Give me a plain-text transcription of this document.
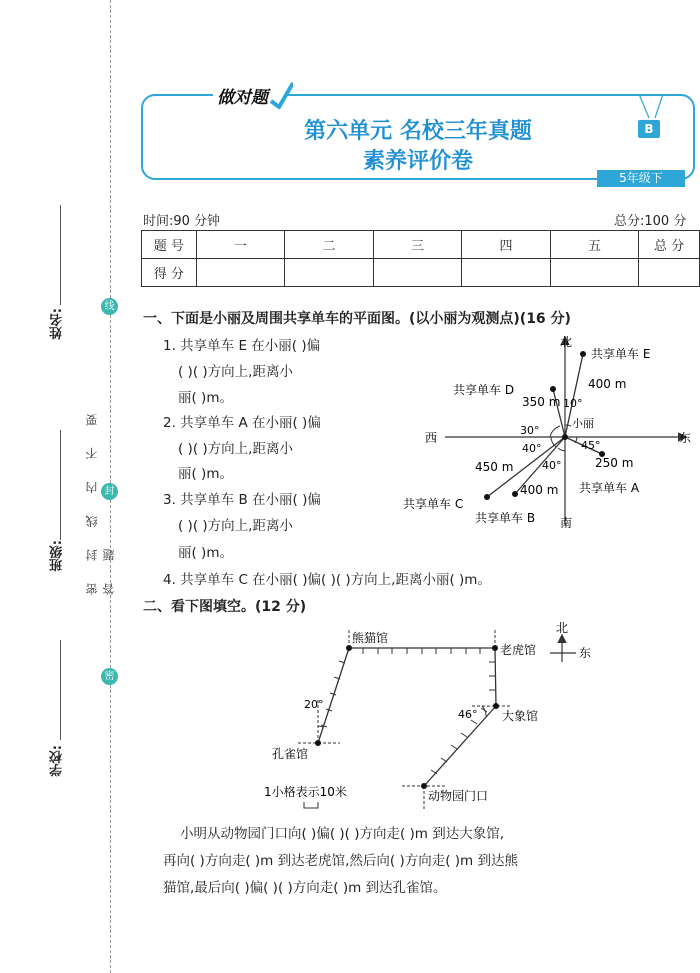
姓名:
班级:
学校:
密 封 线 内 不 要 答 题
线
封
密
第六单元 名校三年真题
素养评价卷
B
做对题
5年级下
时间:90 分钟	总分:100 分
题 号	一	二	三	四	五	总 分
得 分						
一、下面是小丽及周围共享单车的平面图。(以小丽为观测点)(16 分)
1. 共享单车 E 在小丽( )偏
( )( )方向上,距离小
丽( )m。
2. 共享单车 A 在小丽( )偏
( )( )方向上,距离小
丽( )m。
3. 共享单车 B 在小丽( )偏
( )( )方向上,距离小
丽( )m。
4. 共享单车 C 在小丽( )偏( )( )方向上,距离小丽( )m。
北
南
西	东
小丽
共享单车 E
共享单车 D
共享单车 A
共享单车 B
共享单车 C
400 m
350 m
250 m
400 m
450 m
10°
30°
40°
40°
45°
二、看下图填空。(12 分)
北
东
熊猫馆
老虎馆
大象馆
孔雀馆
动物园门口
20°
46°
1小格表示10米
小明从动物园门口向( )偏( )( )方向走( )m 到达大象馆,
再向( )方向走( )m 到达老虎馆,然后向( )方向走( )m 到达熊
猫馆,最后向( )偏( )( )方向走( )m 到达孔雀馆。
